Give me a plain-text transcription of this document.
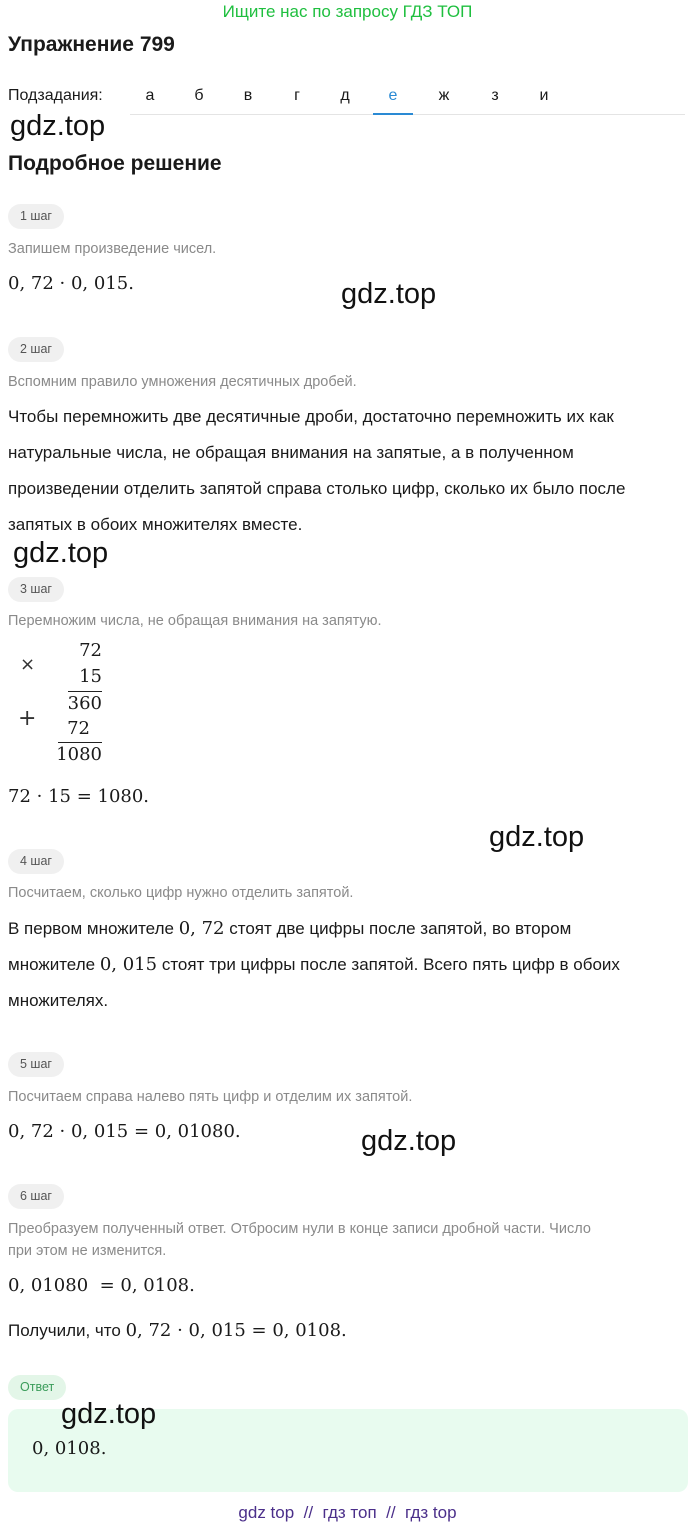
Ищите нас по запросу ГДЗ ТОП
Упражнение 799
Подзадания:	а	б	в	г	д	е	ж	з	и
gdz.top
Подробное решение
1 шаг
Запишем произведение чисел.
0, 72 · 0, 015.	gdz.top
2 шаг
Вспомним правило умножения десятичных дробей.
Чтобы перемножить две десятичные дроби, достаточно перемножить их как
натуральные числа, не обращая внимания на запятые, а в полученном
произведении отделить запятой справа столько цифр, сколько их было после
запятых в обоих множителях вместе.
gdz.top
3 шаг
Перемножим числа, не обращая внимания на запятую.
×
72
15
+
360
72
1080
72 · 15 = 1080.
gdz.top
4 шаг
Посчитаем, сколько цифр нужно отделить запятой.
В первом множителе 0, 72 стоят две цифры после запятой, во втором
множителе 0, 015 стоят три цифры после запятой. Всего пять цифр в обоих
множителях.
5 шаг
Посчитаем справа налево пять цифр и отделим их запятой.
0, 72 · 0, 015 = 0, 01080.	gdz.top
6 шаг
Преобразуем полученный ответ. Отбросим нули в конце записи дробной части. Число
при этом не изменится.
0, 01080  = 0, 0108.
Получили, что 0, 72 · 0, 015 = 0, 0108.
Ответ
gdz.top
0, 0108.
gdz top // гдз топ // гдз top
